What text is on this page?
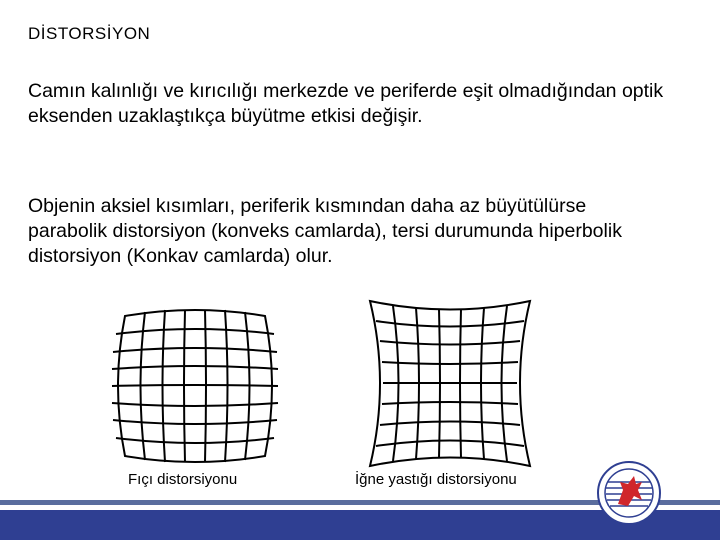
DİSTORSİYON

Camın kalınlığı ve kırıcılığı merkezde ve periferde eşit olmadığından optik eksenden uzaklaştıkça büyütme etkisi değişir.

Objenin aksiel kısımları, periferik kısmından daha az büyütülürse parabolik distorsiyon (konveks camlarda), tersi durumunda hiperbolik distorsiyon (Konkav camlarda) olur.

Fıçı distorsiyonu	İğne yastığı distorsiyonu
